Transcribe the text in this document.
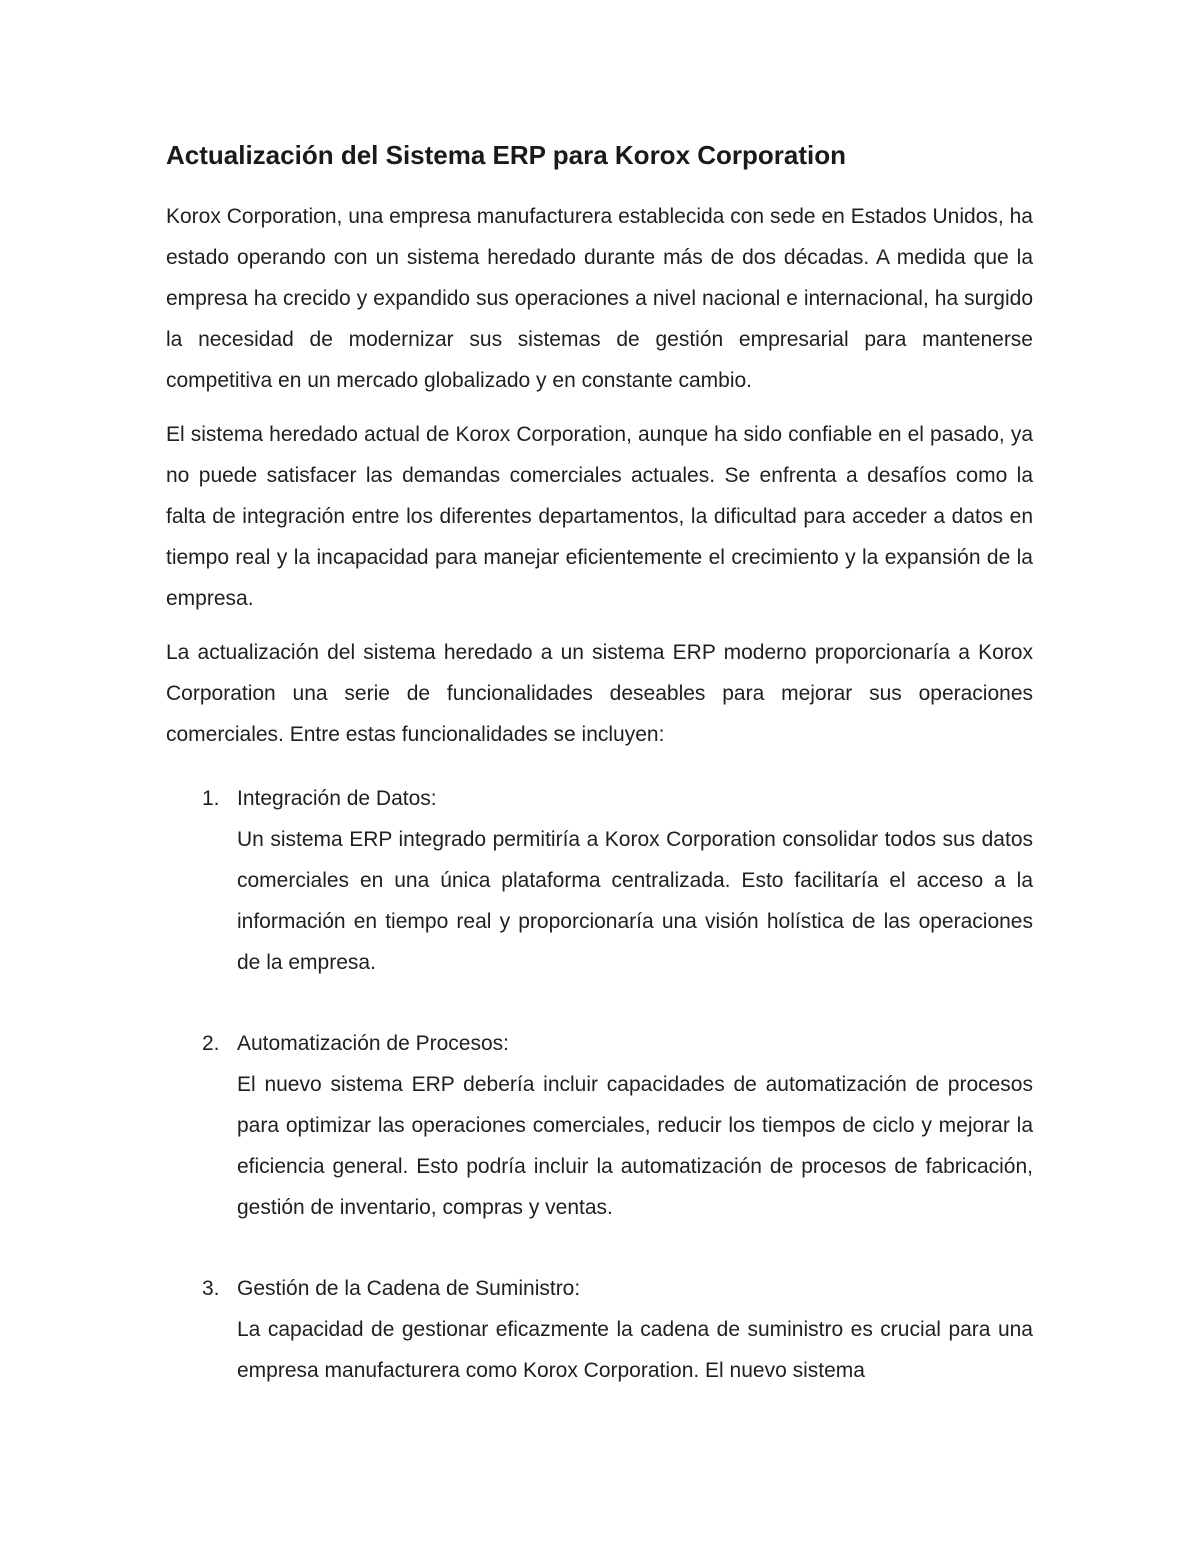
Actualización del Sistema ERP para Korox Corporation

Korox Corporation, una empresa manufacturera establecida con sede en Estados Unidos, ha estado operando con un sistema heredado durante más de dos décadas. A medida que la empresa ha crecido y expandido sus operaciones a nivel nacional e internacional, ha surgido la necesidad de modernizar sus sistemas de gestión empresarial para mantenerse competitiva en un mercado globalizado y en constante cambio.

El sistema heredado actual de Korox Corporation, aunque ha sido confiable en el pasado, ya no puede satisfacer las demandas comerciales actuales. Se enfrenta a desafíos como la falta de integración entre los diferentes departamentos, la dificultad para acceder a datos en tiempo real y la incapacidad para manejar eficientemente el crecimiento y la expansión de la empresa.

La actualización del sistema heredado a un sistema ERP moderno proporcionaría a Korox Corporation una serie de funcionalidades deseables para mejorar sus operaciones comerciales. Entre estas funcionalidades se incluyen:

1. Integración de Datos:

Un sistema ERP integrado permitiría a Korox Corporation consolidar todos sus datos comerciales en una única plataforma centralizada. Esto facilitaría el acceso a la información en tiempo real y proporcionaría una visión holística de las operaciones de la empresa.

2. Automatización de Procesos:

El nuevo sistema ERP debería incluir capacidades de automatización de procesos para optimizar las operaciones comerciales, reducir los tiempos de ciclo y mejorar la eficiencia general. Esto podría incluir la automatización de procesos de fabricación, gestión de inventario, compras y ventas.

3. Gestión de la Cadena de Suministro:

La capacidad de gestionar eficazmente la cadena de suministro es crucial para una empresa manufacturera como Korox Corporation. El nuevo sistema
